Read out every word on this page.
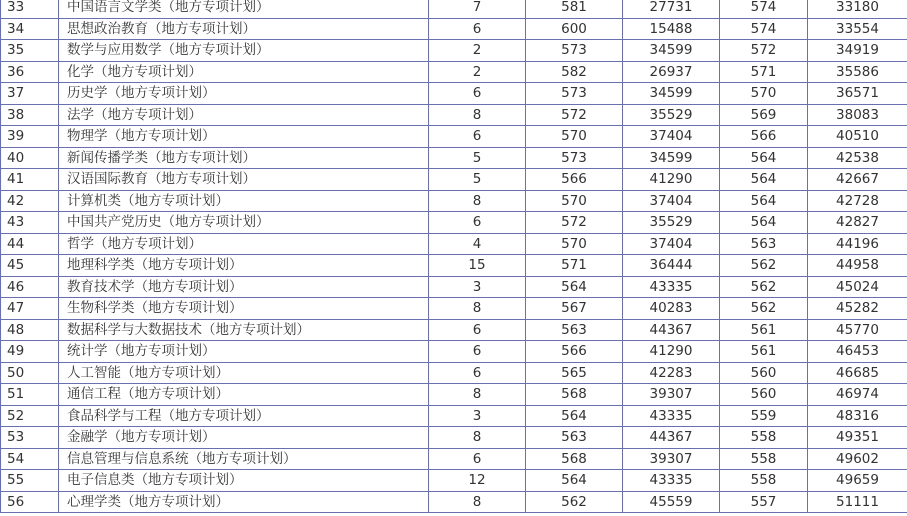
33	中国语言文学类（地方专项计划）	7	581	27731	574	33180
34	思想政治教育（地方专项计划）	6	600	15488	574	33554
35	数学与应用数学（地方专项计划）	2	573	34599	572	34919
36	化学（地方专项计划）	2	582	26937	571	35586
37	历史学（地方专项计划）	6	573	34599	570	36571
38	法学（地方专项计划）	8	572	35529	569	38083
39	物理学（地方专项计划）	6	570	37404	566	40510
40	新闻传播学类（地方专项计划）	5	573	34599	564	42538
41	汉语国际教育（地方专项计划）	5	566	41290	564	42667
42	计算机类（地方专项计划）	8	570	37404	564	42728
43	中国共产党历史（地方专项计划）	6	572	35529	564	42827
44	哲学（地方专项计划）	4	570	37404	563	44196
45	地理科学类（地方专项计划）	15	571	36444	562	44958
46	教育技术学（地方专项计划）	3	564	43335	562	45024
47	生物科学类（地方专项计划）	8	567	40283	562	45282
48	数据科学与大数据技术（地方专项计划）	6	563	44367	561	45770
49	统计学（地方专项计划）	6	566	41290	561	46453
50	人工智能（地方专项计划）	6	565	42283	560	46685
51	通信工程（地方专项计划）	8	568	39307	560	46974
52	食品科学与工程（地方专项计划）	3	564	43335	559	48316
53	金融学（地方专项计划）	8	563	44367	558	49351
54	信息管理与信息系统（地方专项计划）	6	568	39307	558	49602
55	电子信息类（地方专项计划）	12	564	43335	558	49659
56	心理学类（地方专项计划）	8	562	45559	557	51111
